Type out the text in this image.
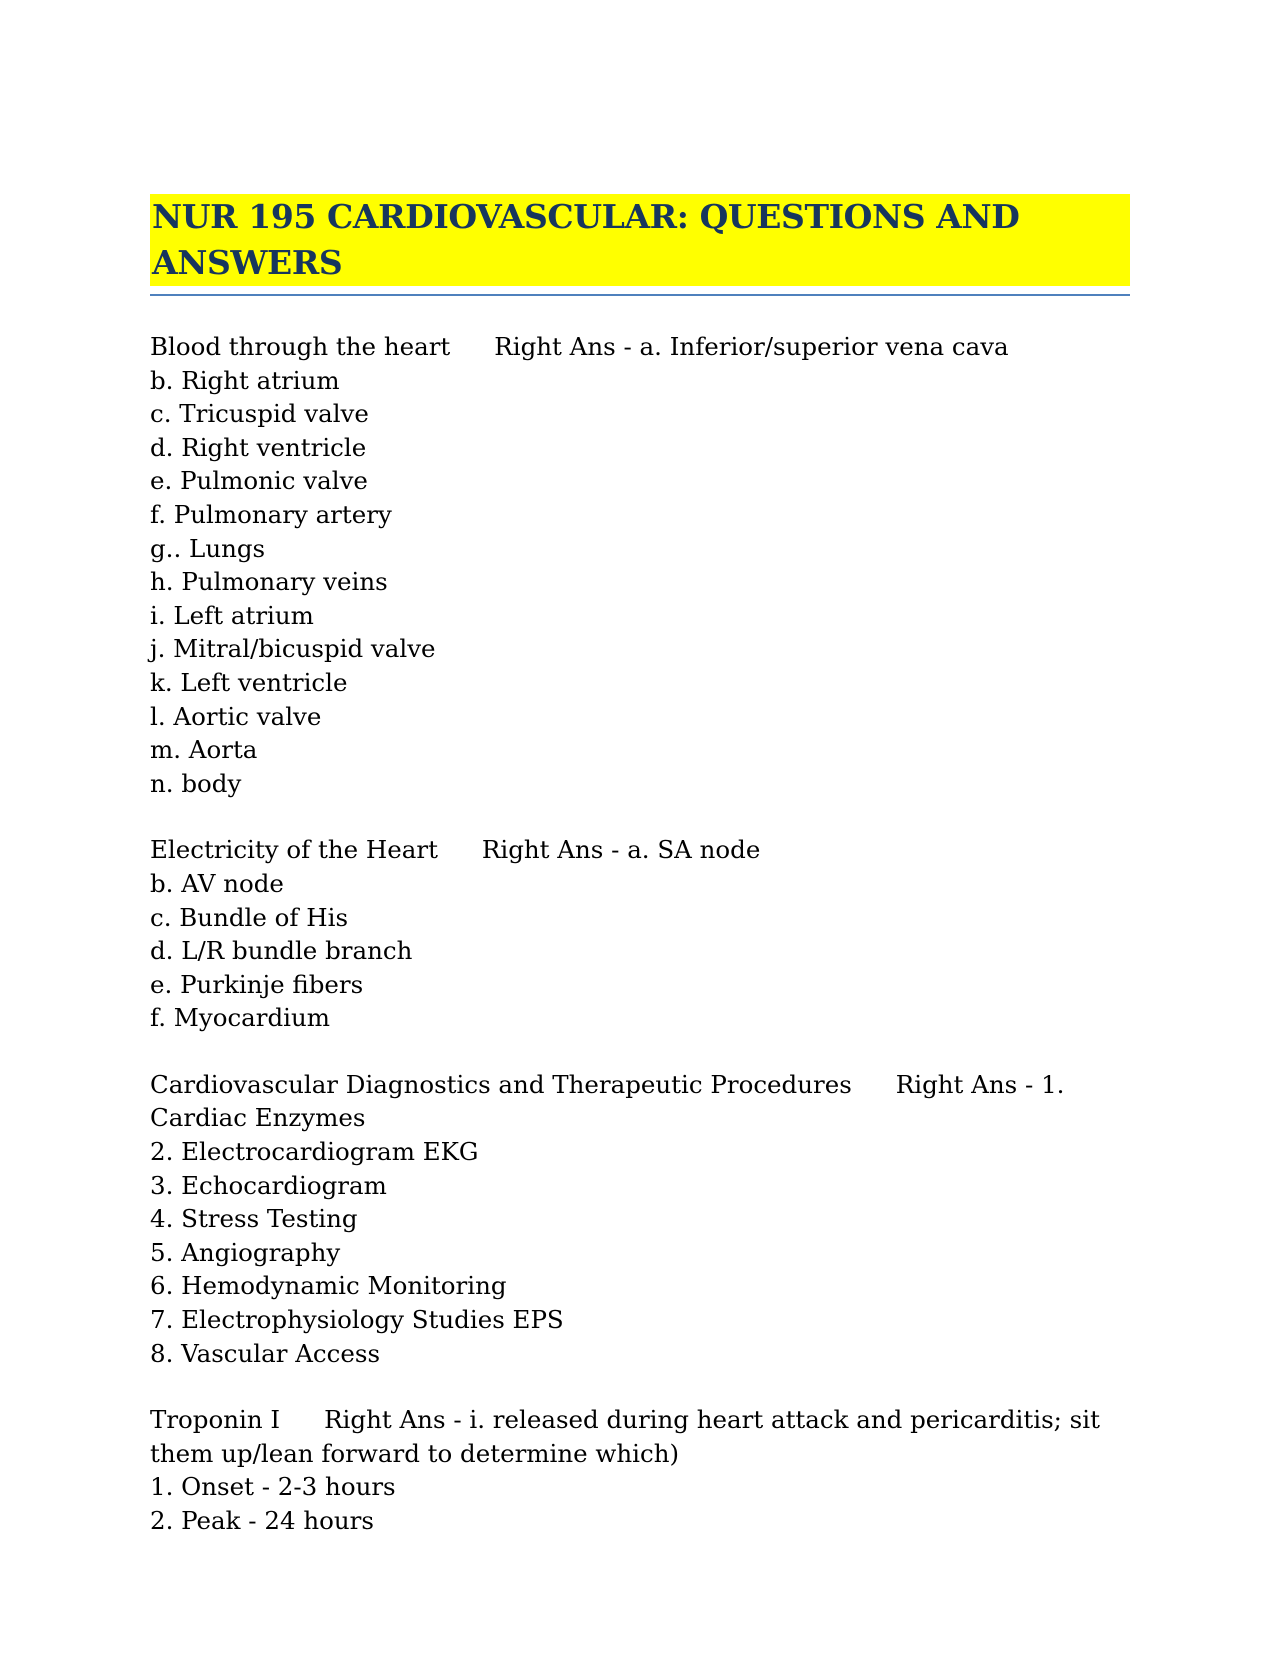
NUR 195 CARDIOVASCULAR: QUESTIONS AND ANSWERS

Blood through the heart Right Ans - a. Inferior/superior vena cava

b. Right atrium

c. Tricuspid valve

d. Right ventricle

e. Pulmonic valve

f. Pulmonary artery

g.. Lungs

h. Pulmonary veins

i. Left atrium

j. Mitral/bicuspid valve

k. Left ventricle

l. Aortic valve

m. Aorta

n. body

Electricity of the Heart Right Ans - a. SA node

b. AV node

c. Bundle of His

d. L/R bundle branch

e. Purkinje fibers

f. Myocardium

Cardiovascular Diagnostics and Therapeutic Procedures Right Ans - 1. Cardiac Enzymes

2. Electrocardiogram EKG

3. Echocardiogram

4. Stress Testing

5. Angiography

6. Hemodynamic Monitoring

7. Electrophysiology Studies EPS

8. Vascular Access

Troponin I Right Ans - i. released during heart attack and pericarditis; sit them up/lean forward to determine which)

1. Onset - 2-3 hours

2. Peak - 24 hours
